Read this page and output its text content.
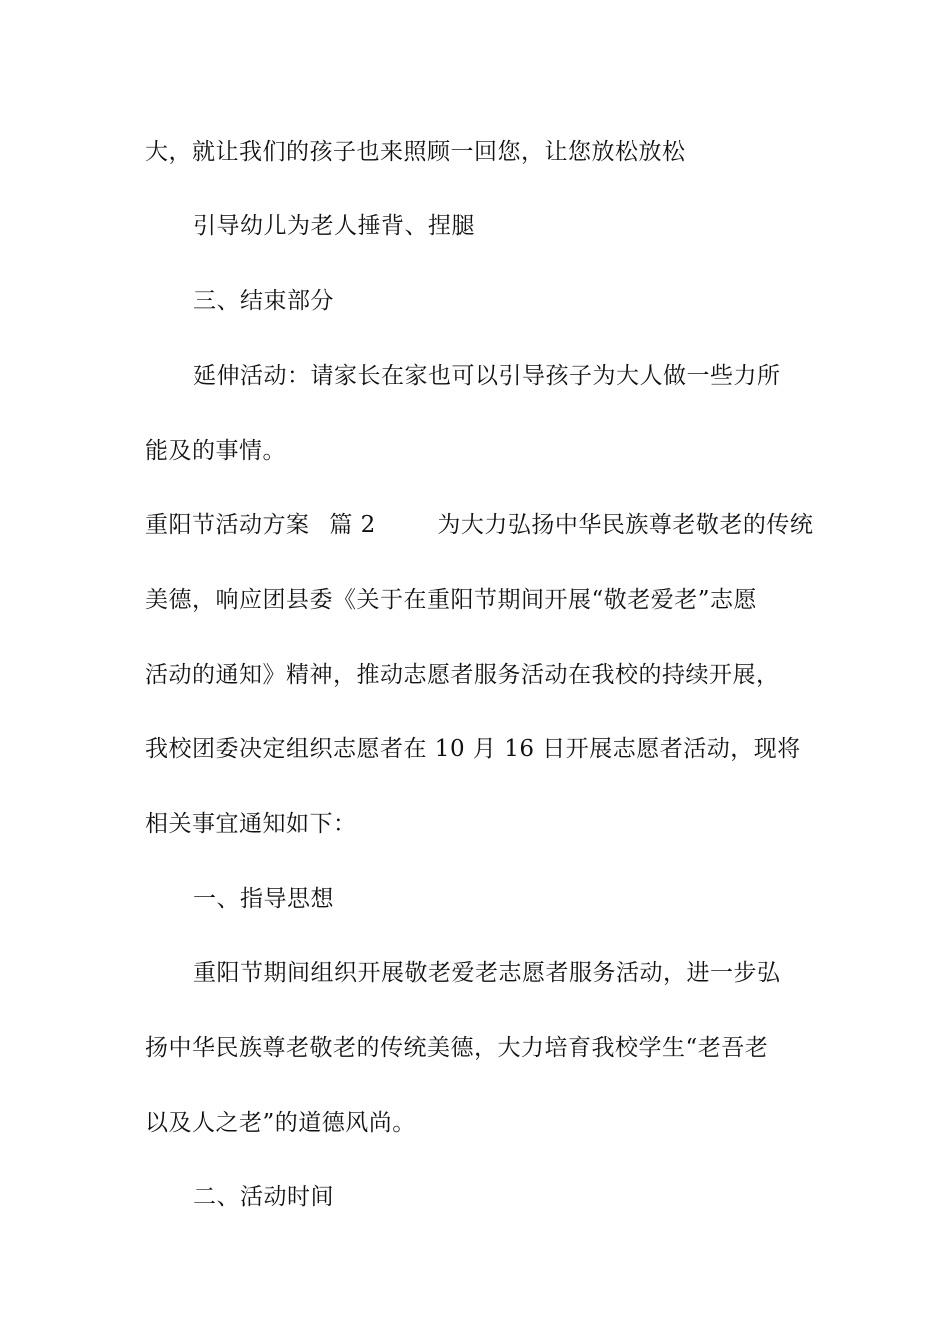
大，就让我们的孩子也来照顾一回您，让您放松放松
引导幼儿为老人捶背、捏腿
三、结束部分
延伸活动：请家长在家也可以引导孩子为大人做一些力所
能及的事情。
重阳节活动方案 篇 2	为大力弘扬中华民族尊老敬老的传统
美德，响应团县委《关于在重阳节期间开展“敬老爱老”志愿
活动的通知》精神，推动志愿者服务活动在我校的持续开展，
我校团委决定组织志愿者在 10 月 16 日开展志愿者活动，现将
相关事宜通知如下：
一、指导思想
重阳节期间组织开展敬老爱老志愿者服务活动，进一步弘
扬中华民族尊老敬老的传统美德，大力培育我校学生“老吾老
以及人之老”的道德风尚。
二、活动时间
